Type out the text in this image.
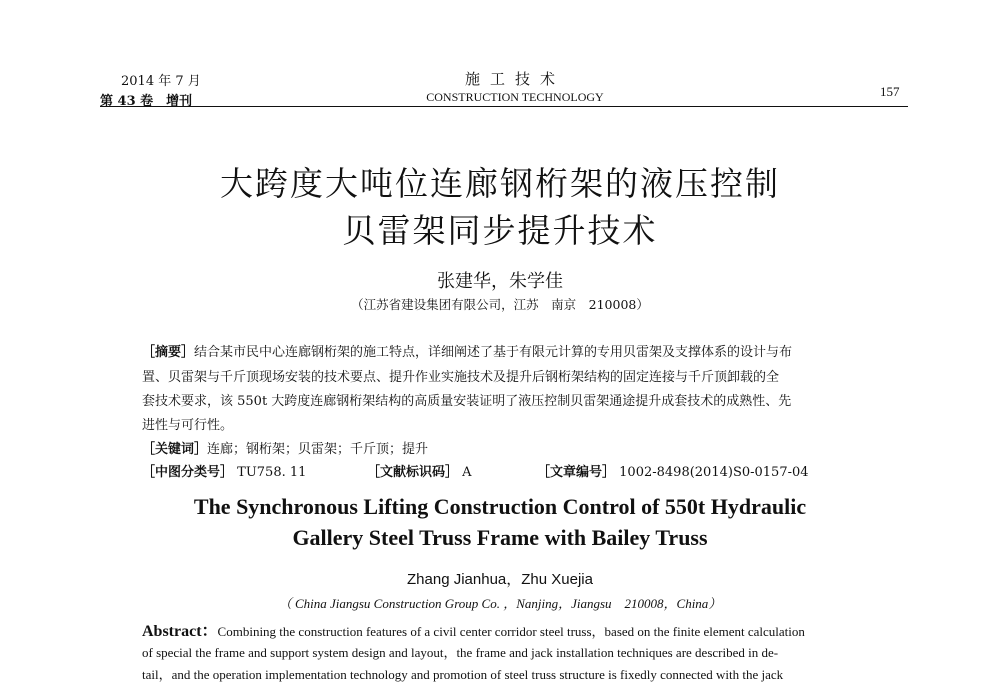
2014 年 7 月
第 43 卷　增刊
施工技术
CONSTRUCTION TECHNOLOGY	157
大跨度大吨位连廊钢桁架的液压控制
贝雷架同步提升技术
张建华，朱学佳
（江苏省建设集团有限公司，江苏　南京　210008）
［摘要］结合某市民中心连廊钢桁架的施工特点，详细阐述了基于有限元计算的专用贝雷架及支撑体系的设计与布
置、贝雷架与千斤顶现场安装的技术要点、提升作业实施技术及提升后钢桁架结构的固定连接与千斤顶卸载的全
套技术要求，该 550t 大跨度连廊钢桁架结构的高质量安装证明了液压控制贝雷架通途提升成套技术的成熟性、先
进性与可行性。
［关键词］连廊；钢桁架；贝雷架；千斤顶；提升
［中图分类号］ TU758. 11	［文献标识码］ A	［文章编号］ 1002-8498(2014)S0-0157-04
The Synchronous Lifting Construction Control of 550t Hydraulic
Gallery Steel Truss Frame with Bailey Truss
Zhang Jianhua，Zhu Xuejia
（ China Jiangsu Construction Group Co. ，Nanjing，Jiangsu　210008，China）
Abstract：Combining the construction features of a civil center corridor steel truss，based on the finite element calculation
of special the frame and support system design and layout，the frame and jack installation techniques are described in de-
tail，and the operation implementation technology and promotion of steel truss structure is fixedly connected with the jack
